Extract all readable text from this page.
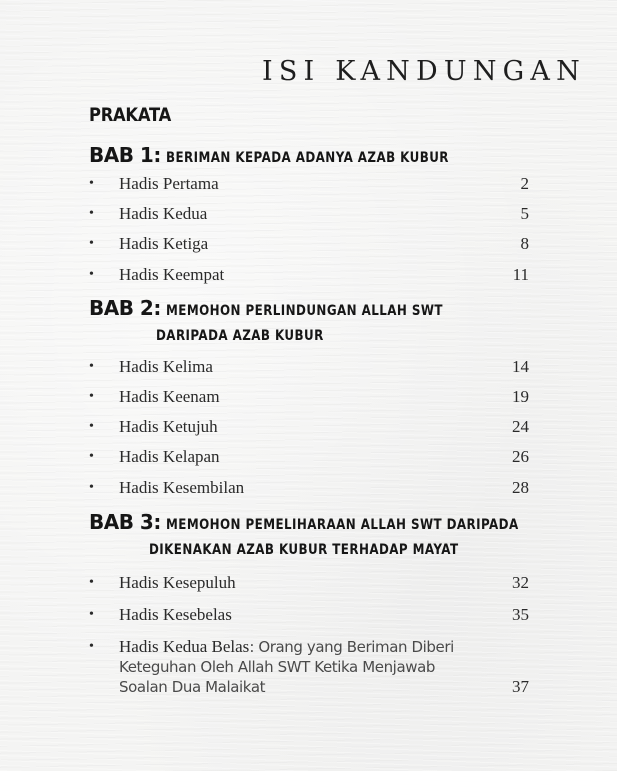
ISI KANDUNGAN
PRAKATA
BAB 1: BERIMAN KEPADA ADANYA AZAB KUBUR
•	Hadis Pertama	2
•	Hadis Kedua	5
•	Hadis Ketiga	8
•	Hadis Keempat	11
BAB 2: MEMOHON PERLINDUNGAN ALLAH SWT
DARIPADA AZAB KUBUR
•	Hadis Kelima	14
•	Hadis Keenam	19
•	Hadis Ketujuh	24
•	Hadis Kelapan	26
•	Hadis Kesembilan	28
BAB 3: MEMOHON PEMELIHARAAN ALLAH SWT DARIPADA
DIKENAKAN AZAB KUBUR TERHADAP MAYAT
•	Hadis Kesepuluh	32
•	Hadis Kesebelas	35
•	Hadis Kedua Belas: Orang yang Beriman Diberi
Keteguhan Oleh Allah SWT Ketika Menjawab
Soalan Dua Malaikat	37
